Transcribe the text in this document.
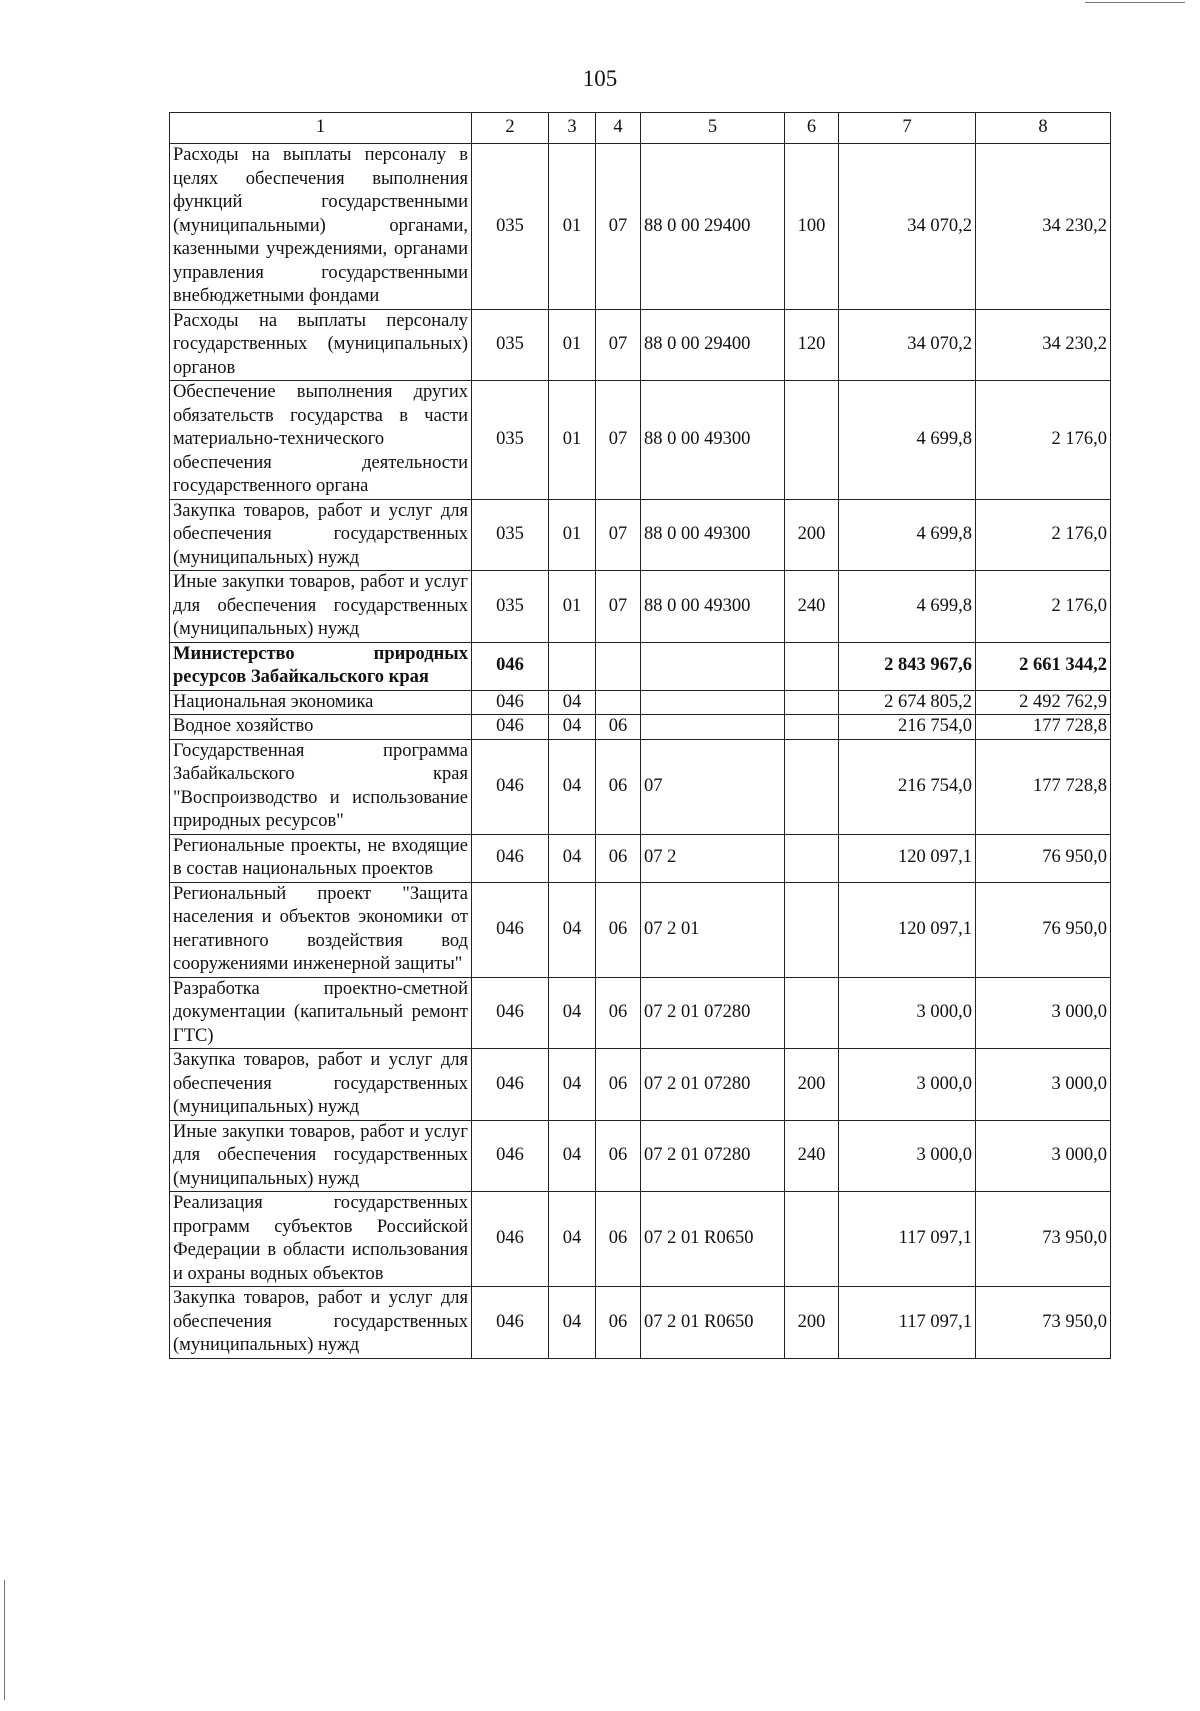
105
1	2	3	4	5	6	7	8
Расходы на выплаты персоналу в целях обеспечения выполнения функций государственными (муниципальными) органами, казенными учреждениями, органами управления государственными внебюджетными фондами	035	01	07	88 0 00 29400	100	34 070,2	34 230,2
Расходы на выплаты персоналу государственных (муниципальных) органов	035	01	07	88 0 00 29400	120	34 070,2	34 230,2
Обеспечение выполнения других обязательств государства в части материально-технического обеспечения деятельности государственного органа	035	01	07	88 0 00 49300		4 699,8	2 176,0
Закупка товаров, работ и услуг для обеспечения государственных (муниципальных) нужд	035	01	07	88 0 00 49300	200	4 699,8	2 176,0
Иные закупки товаров, работ и услуг для обеспечения государственных (муниципальных) нужд	035	01	07	88 0 00 49300	240	4 699,8	2 176,0
Министерство природных ресурсов Забайкальского края	046					2 843 967,6	2 661 344,2
Национальная экономика	046	04				2 674 805,2	2 492 762,9
Водное хозяйство	046	04	06			216 754,0	177 728,8
Государственная программа Забайкальского края "Воспроизводство и использование природных ресурсов"	046	04	06	07		216 754,0	177 728,8
Региональные проекты, не входящие в состав национальных проектов	046	04	06	07 2		120 097,1	76 950,0
Региональный проект "Защита населения и объектов экономики от негативного воздействия вод сооружениями инженерной защиты"	046	04	06	07 2 01		120 097,1	76 950,0
Разработка проектно-сметной документации (капитальный ремонт ГТС)	046	04	06	07 2 01 07280		3 000,0	3 000,0
Закупка товаров, работ и услуг для обеспечения государственных (муниципальных) нужд	046	04	06	07 2 01 07280	200	3 000,0	3 000,0
Иные закупки товаров, работ и услуг для обеспечения государственных (муниципальных) нужд	046	04	06	07 2 01 07280	240	3 000,0	3 000,0
Реализация государственных программ субъектов Российской Федерации в области использования и охраны водных объектов	046	04	06	07 2 01 R0650		117 097,1	73 950,0
Закупка товаров, работ и услуг для обеспечения государственных (муниципальных) нужд	046	04	06	07 2 01 R0650	200	117 097,1	73 950,0
